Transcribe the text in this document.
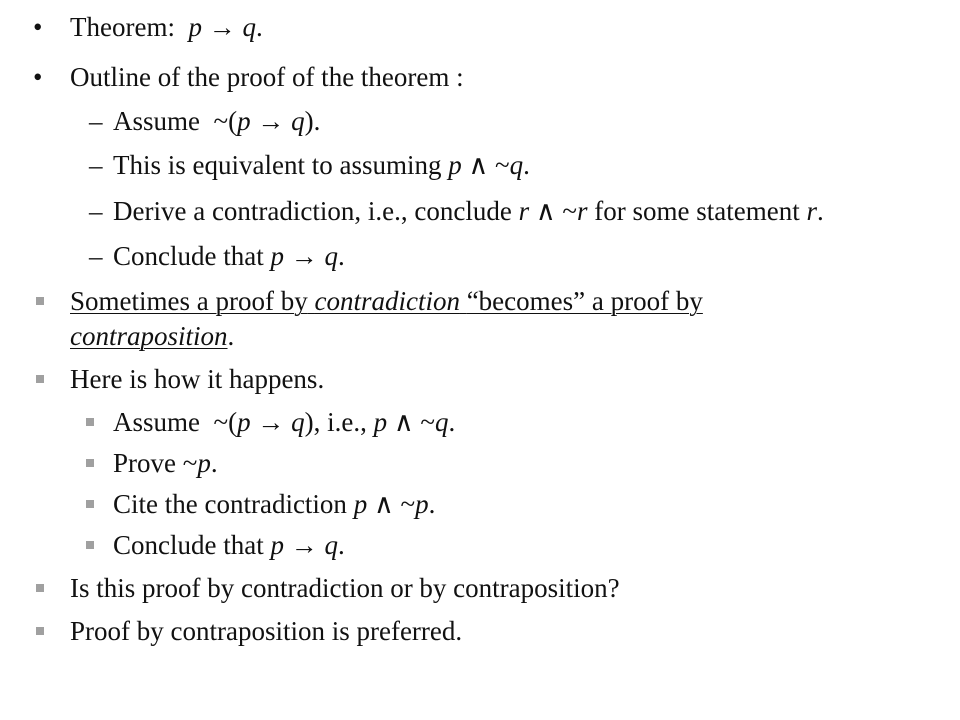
• Theorem: p → q.
• Outline of the proof of the theorem :
– Assume ~(p → q).
– This is equivalent to assuming p ∧ ~q.
– Derive a contradiction, i.e., conclude r ∧ ~r for some statement r.
– Conclude that p → q.
Sometimes a proof by contradiction “becomes” a proof by contraposition.
Here is how it happens.
Assume ~(p → q), i.e., p ∧ ~q.
Prove ~p.
Cite the contradiction p ∧ ~p.
Conclude that p → q.
Is this proof by contradiction or by contraposition?
Proof by contraposition is preferred.
